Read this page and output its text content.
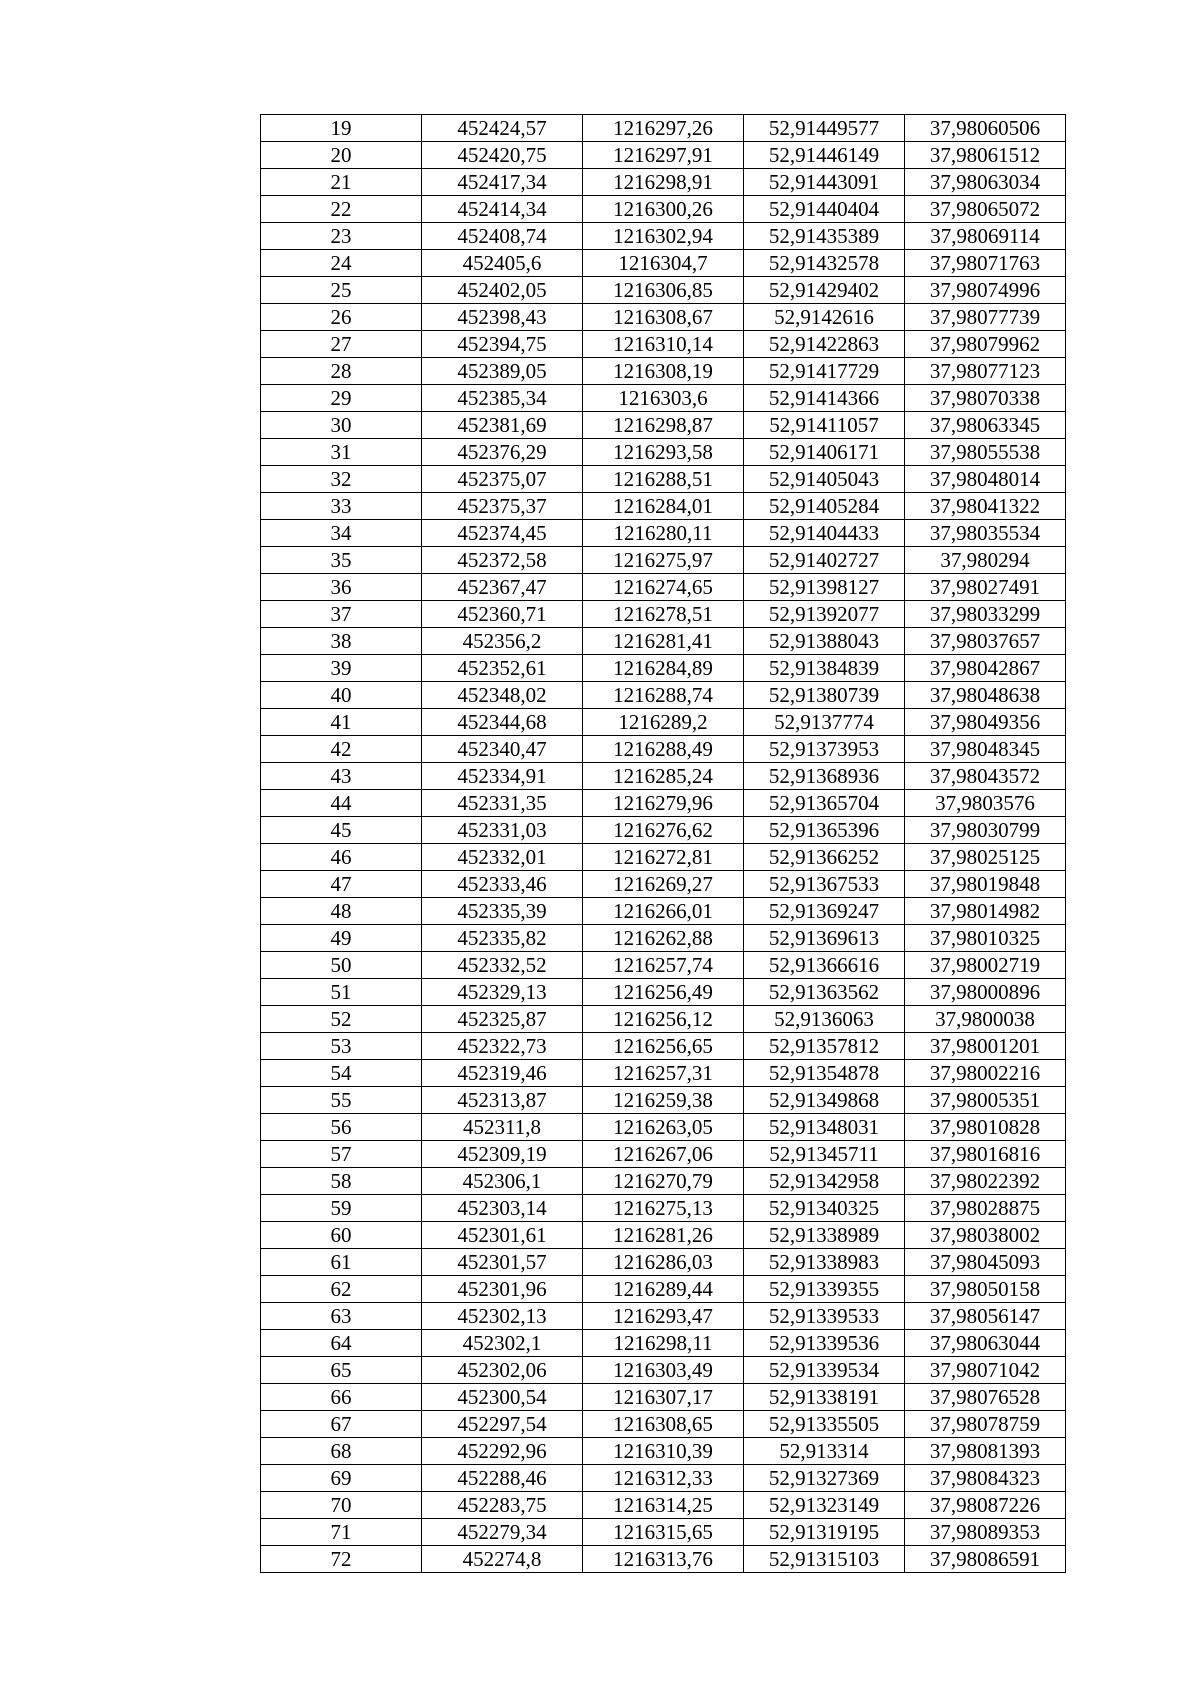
19	452424,57	1216297,26	52,91449577	37,98060506
20	452420,75	1216297,91	52,91446149	37,98061512
21	452417,34	1216298,91	52,91443091	37,98063034
22	452414,34	1216300,26	52,91440404	37,98065072
23	452408,74	1216302,94	52,91435389	37,98069114
24	452405,6	1216304,7	52,91432578	37,98071763
25	452402,05	1216306,85	52,91429402	37,98074996
26	452398,43	1216308,67	52,9142616	37,98077739
27	452394,75	1216310,14	52,91422863	37,98079962
28	452389,05	1216308,19	52,91417729	37,98077123
29	452385,34	1216303,6	52,91414366	37,98070338
30	452381,69	1216298,87	52,91411057	37,98063345
31	452376,29	1216293,58	52,91406171	37,98055538
32	452375,07	1216288,51	52,91405043	37,98048014
33	452375,37	1216284,01	52,91405284	37,98041322
34	452374,45	1216280,11	52,91404433	37,98035534
35	452372,58	1216275,97	52,91402727	37,980294
36	452367,47	1216274,65	52,91398127	37,98027491
37	452360,71	1216278,51	52,91392077	37,98033299
38	452356,2	1216281,41	52,91388043	37,98037657
39	452352,61	1216284,89	52,91384839	37,98042867
40	452348,02	1216288,74	52,91380739	37,98048638
41	452344,68	1216289,2	52,9137774	37,98049356
42	452340,47	1216288,49	52,91373953	37,98048345
43	452334,91	1216285,24	52,91368936	37,98043572
44	452331,35	1216279,96	52,91365704	37,9803576
45	452331,03	1216276,62	52,91365396	37,98030799
46	452332,01	1216272,81	52,91366252	37,98025125
47	452333,46	1216269,27	52,91367533	37,98019848
48	452335,39	1216266,01	52,91369247	37,98014982
49	452335,82	1216262,88	52,91369613	37,98010325
50	452332,52	1216257,74	52,91366616	37,98002719
51	452329,13	1216256,49	52,91363562	37,98000896
52	452325,87	1216256,12	52,9136063	37,9800038
53	452322,73	1216256,65	52,91357812	37,98001201
54	452319,46	1216257,31	52,91354878	37,98002216
55	452313,87	1216259,38	52,91349868	37,98005351
56	452311,8	1216263,05	52,91348031	37,98010828
57	452309,19	1216267,06	52,91345711	37,98016816
58	452306,1	1216270,79	52,91342958	37,98022392
59	452303,14	1216275,13	52,91340325	37,98028875
60	452301,61	1216281,26	52,91338989	37,98038002
61	452301,57	1216286,03	52,91338983	37,98045093
62	452301,96	1216289,44	52,91339355	37,98050158
63	452302,13	1216293,47	52,91339533	37,98056147
64	452302,1	1216298,11	52,91339536	37,98063044
65	452302,06	1216303,49	52,91339534	37,98071042
66	452300,54	1216307,17	52,91338191	37,98076528
67	452297,54	1216308,65	52,91335505	37,98078759
68	452292,96	1216310,39	52,913314	37,98081393
69	452288,46	1216312,33	52,91327369	37,98084323
70	452283,75	1216314,25	52,91323149	37,98087226
71	452279,34	1216315,65	52,91319195	37,98089353
72	452274,8	1216313,76	52,91315103	37,98086591
